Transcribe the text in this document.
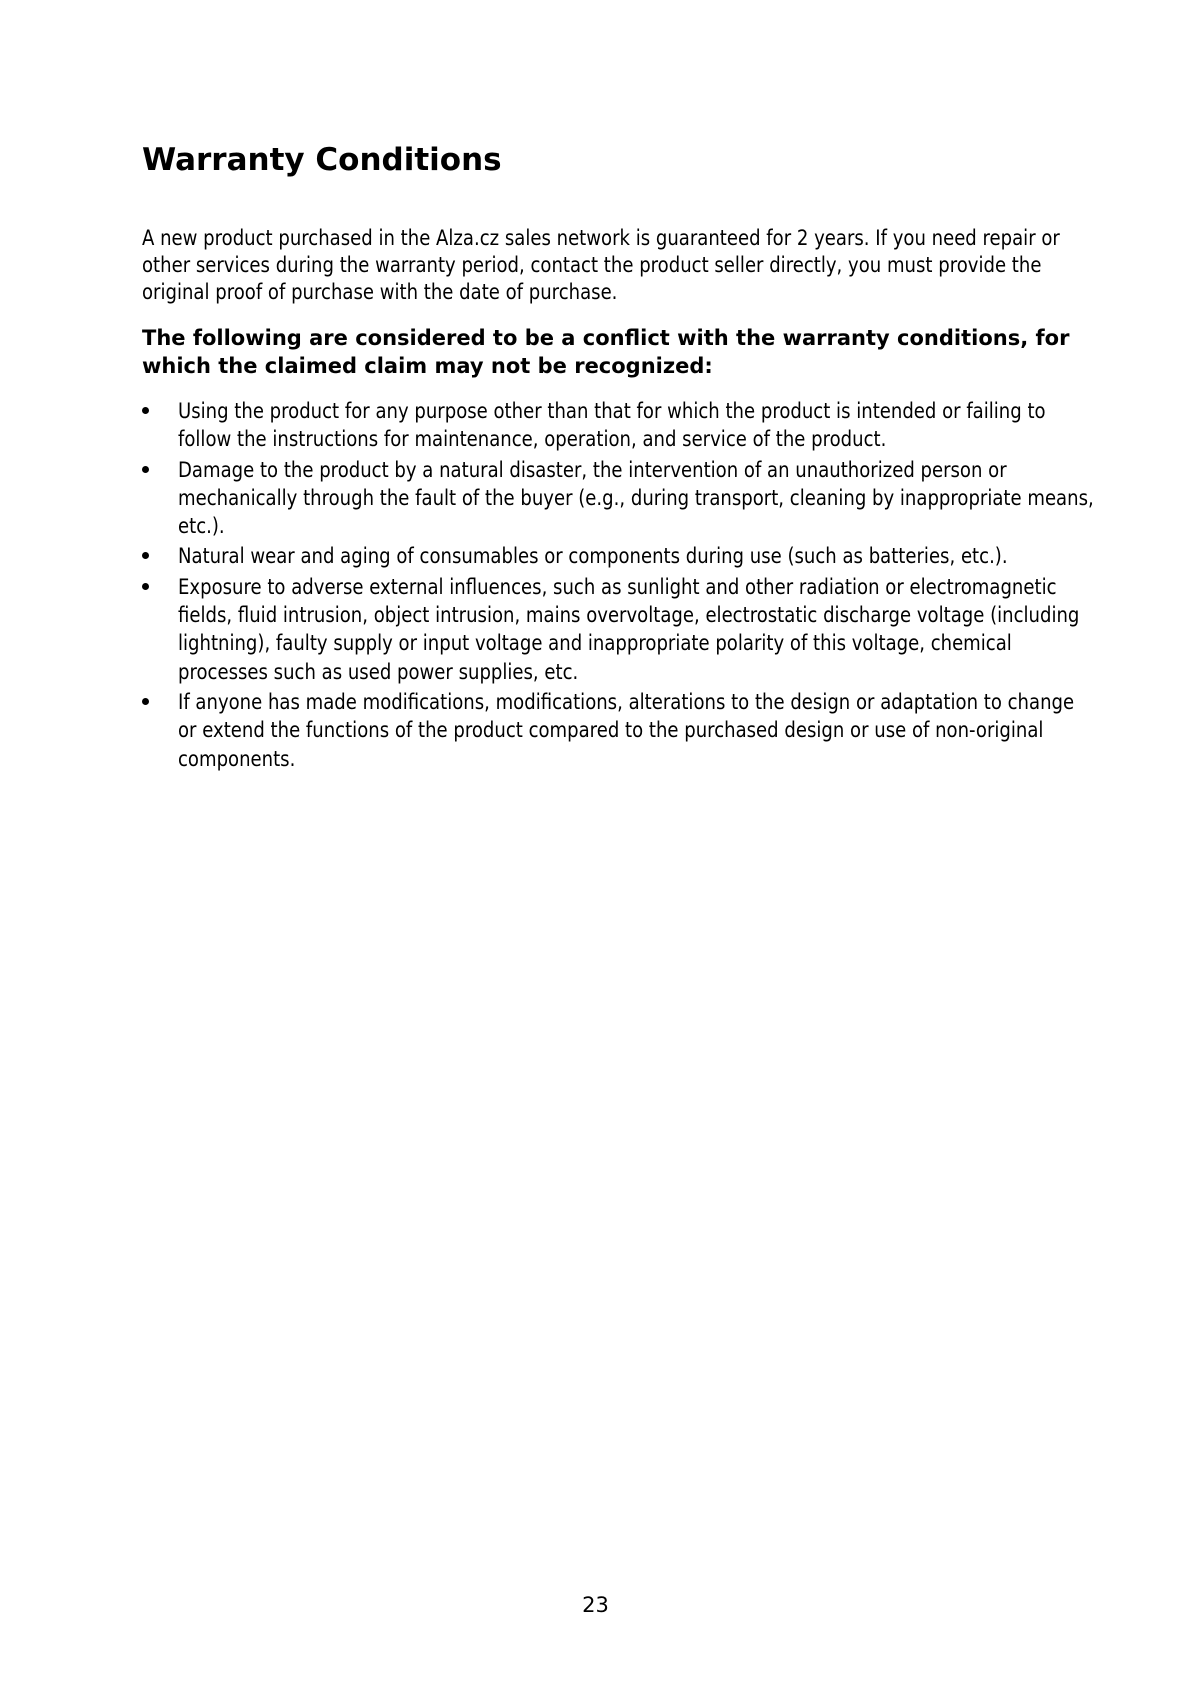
Warranty Conditions

A new product purchased in the Alza.cz sales network is guaranteed for 2 years. If you need repair or other services during the warranty period, contact the product seller directly, you must provide the original proof of purchase with the date of purchase.

The following are considered to be a conflict with the warranty conditions, for which the claimed claim may not be recognized:

Using the product for any purpose other than that for which the product is intended or failing to follow the instructions for maintenance, operation, and service of the product.
Damage to the product by a natural disaster, the intervention of an unauthorized person or mechanically through the fault of the buyer (e.g., during transport, cleaning by inappropriate means, etc.).
Natural wear and aging of consumables or components during use (such as batteries, etc.).
Exposure to adverse external influences, such as sunlight and other radiation or electromagnetic fields, fluid intrusion, object intrusion, mains overvoltage, electrostatic discharge voltage (including lightning), faulty supply or input voltage and inappropriate polarity of this voltage, chemical processes such as used power supplies, etc.
If anyone has made modifications, modifications, alterations to the design or adaptation to change or extend the functions of the product compared to the purchased design or use of non-original components.
23
